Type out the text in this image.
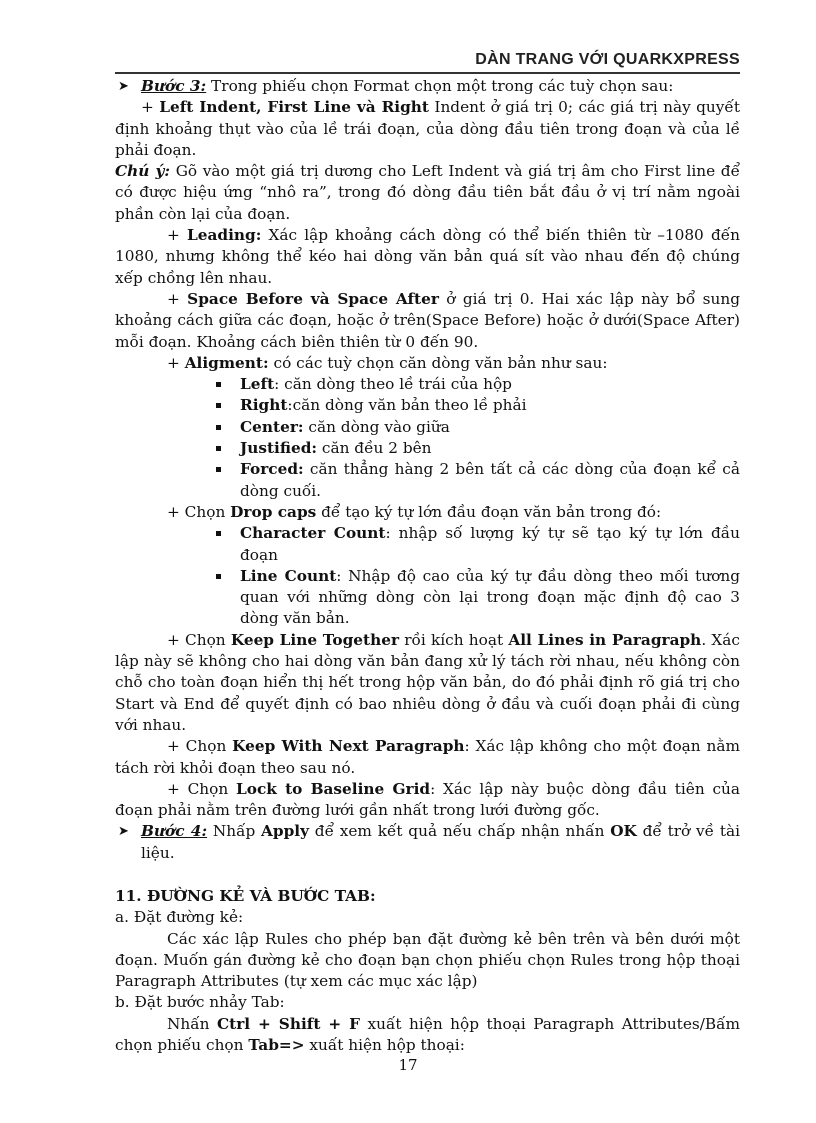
DÀN TRANG VỚI QUARKXPRESS

➤ Bước 3: Trong phiếu chọn Format chọn một trong các tuỳ chọn sau:

+ Left Indent, First Line và Right Indent ở giá trị 0; các giá trị này quyết định khoảng thụt vào của lề trái đoạn, của dòng đầu tiên trong đoạn và của lề phải đoạn.

Chú ý: Gõ vào một giá trị dương cho Left Indent và giá trị âm cho First line để có được hiệu ứng “nhô ra”, trong đó dòng đầu tiên bắt đầu ở vị trí nằm ngoài phần còn lại của đoạn.

+ Leading: Xác lập khoảng cách dòng có thể biến thiên từ –1080 đến 1080, nhưng không thể kéo hai dòng văn bản quá sít vào nhau đến độ chúng xếp chồng lên nhau.

+ Space Before và Space After ở giá trị 0. Hai xác lập này bổ sung khoảng cách giữa các đoạn, hoặc ở trên(Space Before) hoặc ở dưới(Space After) mỗi đoạn. Khoảng cách biên thiên từ 0 đến 90.

+ Aligment: có các tuỳ chọn căn dòng văn bản như sau:

Left: căn dòng theo lề trái của hộp
Right:căn dòng văn bản theo lề phải
Center: căn dòng vào giữa
Justified: căn đều 2 bên
Forced: căn thẳng hàng 2 bên tất cả các dòng của đoạn kể cả dòng cuối.

+ Chọn Drop caps để tạo ký tự lớn đầu đoạn văn bản trong đó:

Character Count: nhập số lượng ký tự sẽ tạo ký tự lớn đầu đoạn
Line Count: Nhập độ cao của ký tự đầu dòng theo mối tương quan với những dòng còn lại trong đoạn mặc định độ cao 3 dòng văn bản.

+ Chọn Keep Line Together rồi kích hoạt All Lines in Paragraph. Xác lập này sẽ không cho hai dòng văn bản đang xử lý tách rời nhau, nếu không còn chỗ cho toàn đoạn hiển thị hết trong hộp văn bản, do đó phải định rõ giá trị cho Start và End để quyết định có bao nhiêu dòng ở đầu và cuối đoạn phải đi cùng với nhau.

+ Chọn Keep With Next Paragraph: Xác lập không cho một đoạn nằm tách rời khỏi đoạn theo sau nó.

+ Chọn Lock to Baseline Grid: Xác lập này buộc dòng đầu tiên của đoạn phải nằm trên đường lưới gần nhất trong lưới đường gốc.

➤ Bước 4: Nhấp Apply để xem kết quả nếu chấp nhận nhấn OK để trở về tài liệu.

11. ĐƯỜNG KẺ VÀ BƯỚC TAB:

a. Đặt đường kẻ:

Các xác lập Rules cho phép bạn đặt đường kẻ bên trên và bên dưới một đoạn. Muốn gán đường kẻ cho đoạn bạn chọn phiếu chọn Rules trong hộp thoại Paragraph Attributes (tự xem các mục xác lập)

b. Đặt bước nhảy Tab:

Nhấn Ctrl + Shift + F xuất hiện hộp thoại Paragraph Attributes/Bấm chọn phiếu chọn Tab=> xuất hiện hộp thoại:

17
